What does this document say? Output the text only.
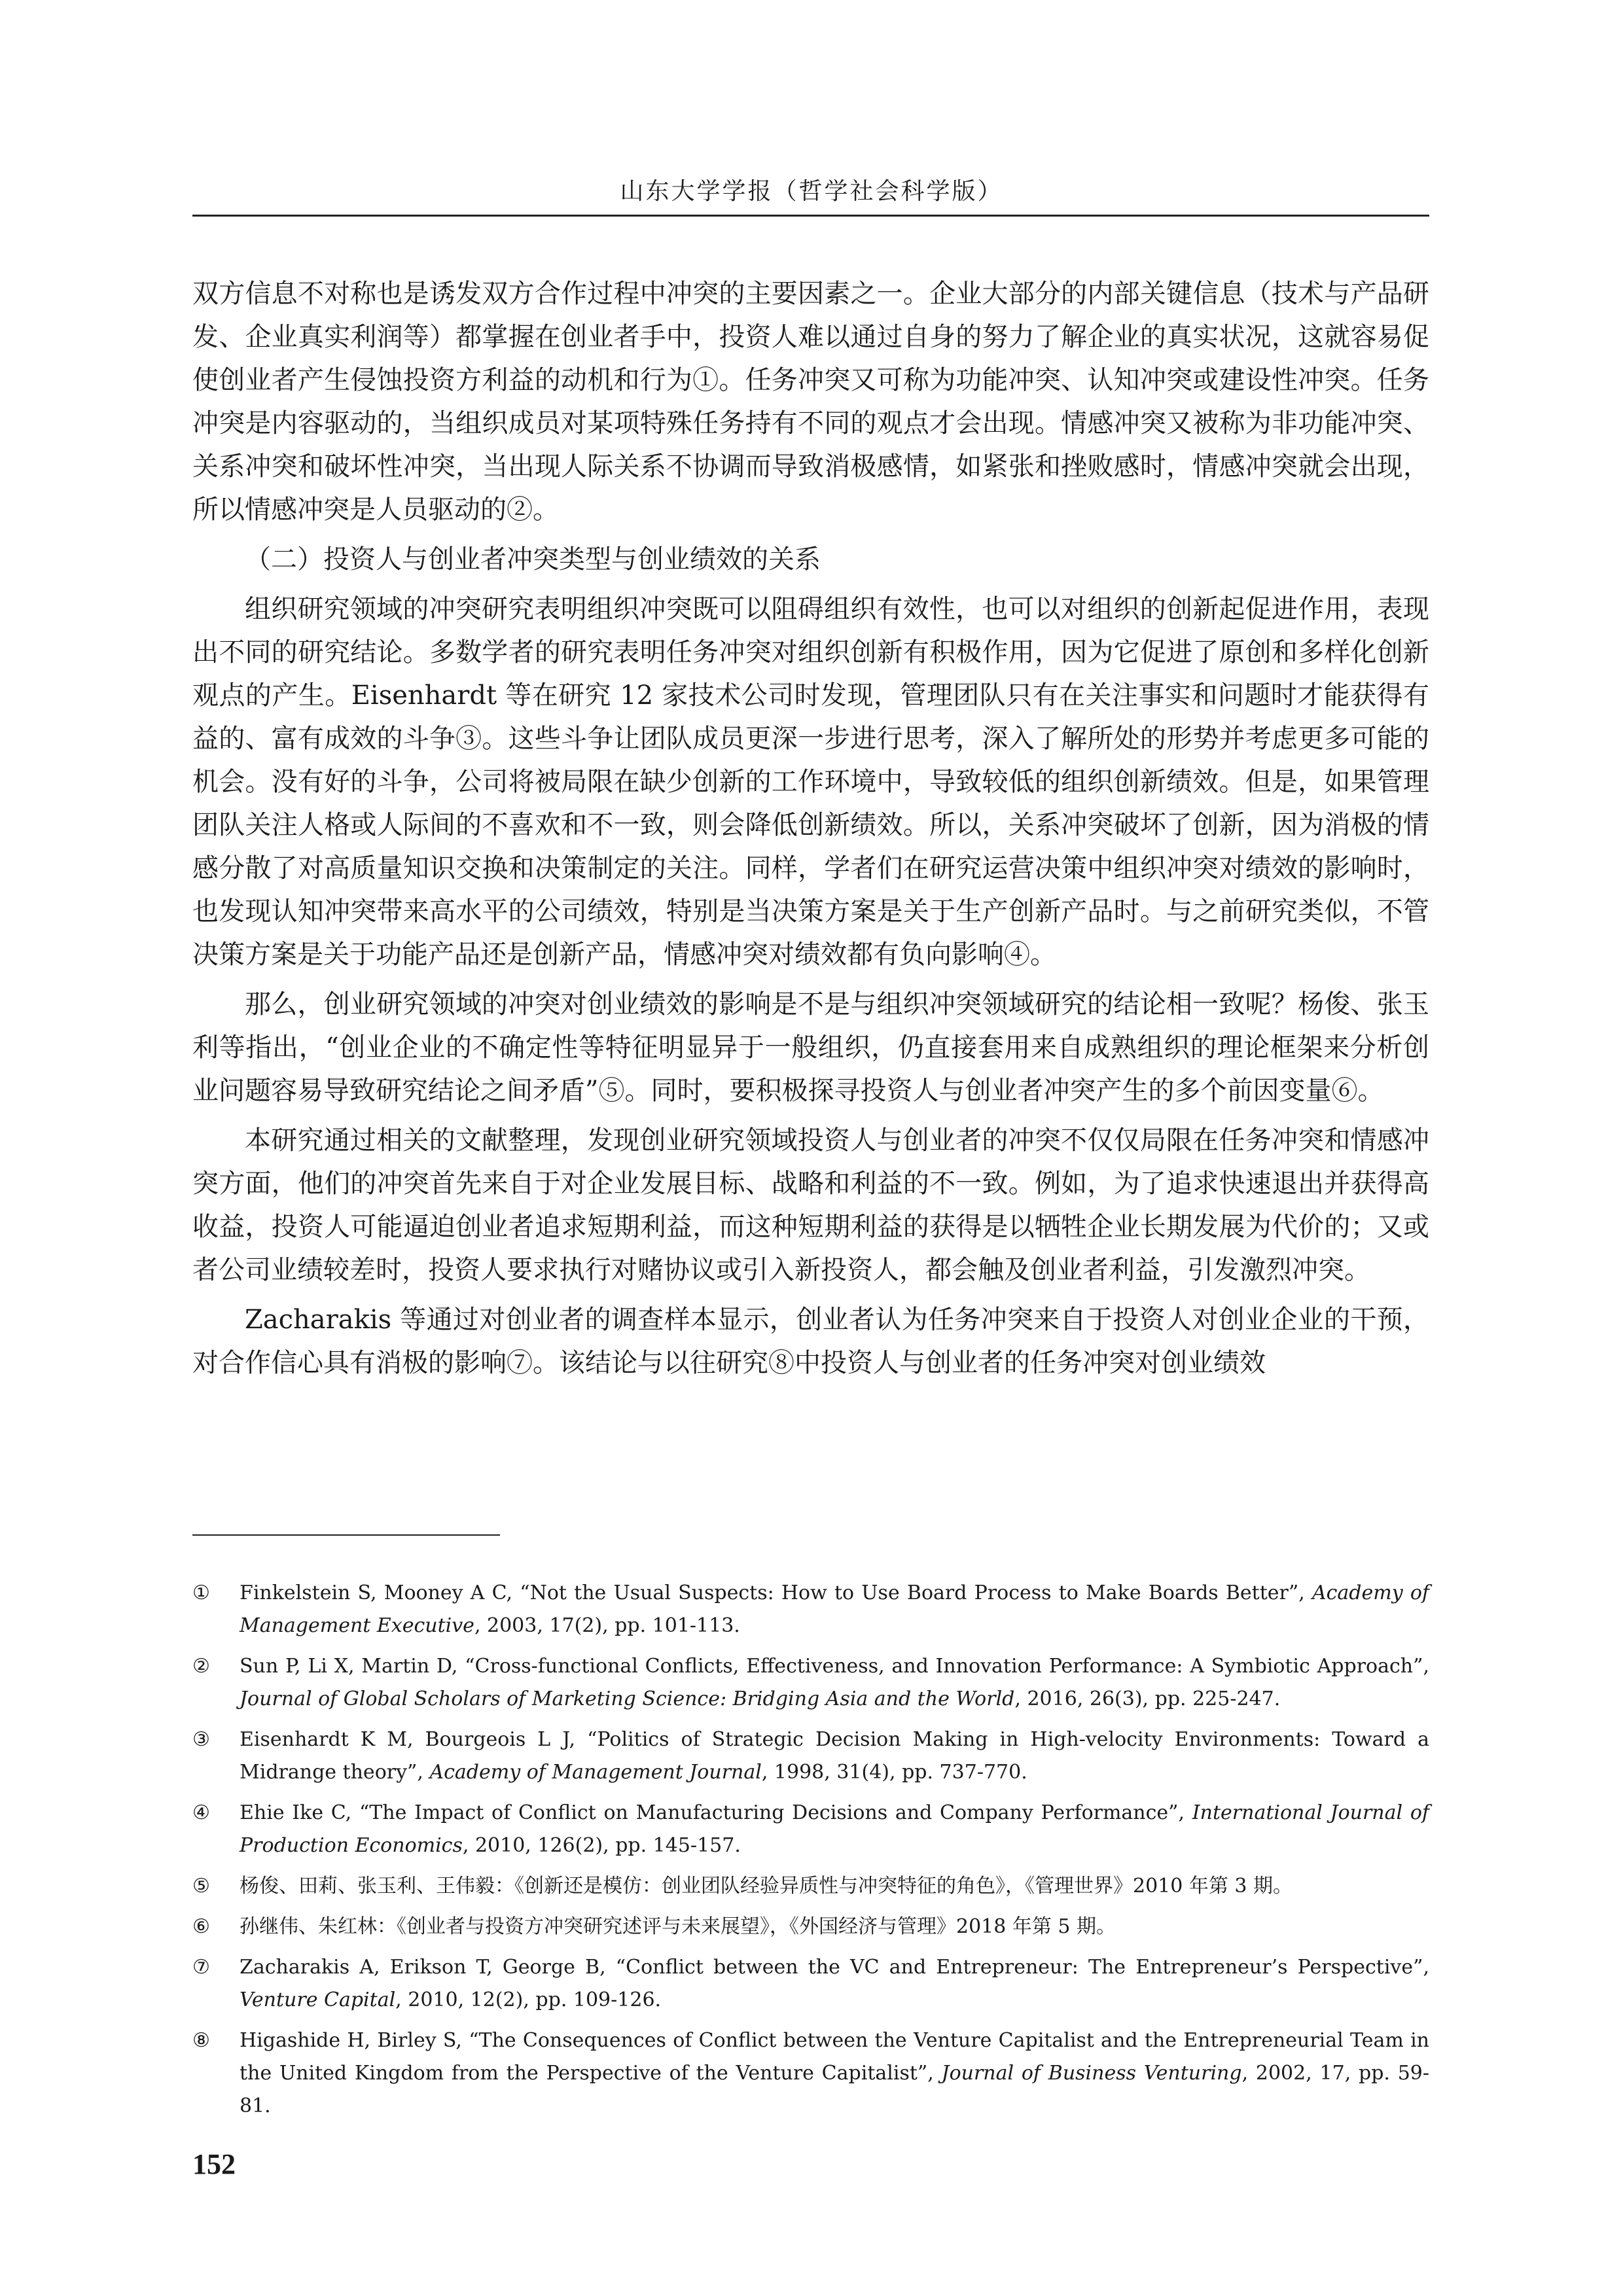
山东大学学报（哲学社会科学版）

双方信息不对称也是诱发双方合作过程中冲突的主要因素之一。企业大部分的内部关键信息（技术与产品研发、企业真实利润等）都掌握在创业者手中，投资人难以通过自身的努力了解企业的真实状况，这就容易促使创业者产生侵蚀投资方利益的动机和行为①。任务冲突又可称为功能冲突、认知冲突或建设性冲突。任务冲突是内容驱动的，当组织成员对某项特殊任务持有不同的观点才会出现。情感冲突又被称为非功能冲突、关系冲突和破坏性冲突，当出现人际关系不协调而导致消极感情，如紧张和挫败感时，情感冲突就会出现，所以情感冲突是人员驱动的②。

（二）投资人与创业者冲突类型与创业绩效的关系

组织研究领域的冲突研究表明组织冲突既可以阻碍组织有效性，也可以对组织的创新起促进作用，表现出不同的研究结论。多数学者的研究表明任务冲突对组织创新有积极作用，因为它促进了原创和多样化创新观点的产生。Eisenhardt 等在研究 12 家技术公司时发现，管理团队只有在关注事实和问题时才能获得有益的、富有成效的斗争③。这些斗争让团队成员更深一步进行思考，深入了解所处的形势并考虑更多可能的机会。没有好的斗争，公司将被局限在缺少创新的工作环境中，导致较低的组织创新绩效。但是，如果管理团队关注人格或人际间的不喜欢和不一致，则会降低创新绩效。所以，关系冲突破坏了创新，因为消极的情感分散了对高质量知识交换和决策制定的关注。同样，学者们在研究运营决策中组织冲突对绩效的影响时，也发现认知冲突带来高水平的公司绩效，特别是当决策方案是关于生产创新产品时。与之前研究类似，不管决策方案是关于功能产品还是创新产品，情感冲突对绩效都有负向影响④。

那么，创业研究领域的冲突对创业绩效的影响是不是与组织冲突领域研究的结论相一致呢？杨俊、张玉利等指出，“创业企业的不确定性等特征明显异于一般组织，仍直接套用来自成熟组织的理论框架来分析创业问题容易导致研究结论之间矛盾”⑤。同时，要积极探寻投资人与创业者冲突产生的多个前因变量⑥。

本研究通过相关的文献整理，发现创业研究领域投资人与创业者的冲突不仅仅局限在任务冲突和情感冲突方面，他们的冲突首先来自于对企业发展目标、战略和利益的不一致。例如，为了追求快速退出并获得高收益，投资人可能逼迫创业者追求短期利益，而这种短期利益的获得是以牺牲企业长期发展为代价的；又或者公司业绩较差时，投资人要求执行对赌协议或引入新投资人，都会触及创业者利益，引发激烈冲突。

Zacharakis 等通过对创业者的调查样本显示，创业者认为任务冲突来自于投资人对创业企业的干预，对合作信心具有消极的影响⑦。该结论与以往研究⑧中投资人与创业者的任务冲突对创业绩效

① Finkelstein S, Mooney A C, “Not the Usual Suspects: How to Use Board Process to Make Boards Better”, Academy of Management Executive, 2003, 17(2), pp. 101-113.
② Sun P, Li X, Martin D, “Cross-functional Conflicts, Effectiveness, and Innovation Performance: A Symbiotic Approach”, Journal of Global Scholars of Marketing Science: Bridging Asia and the World, 2016, 26(3), pp. 225-247.
③ Eisenhardt K M, Bourgeois L J, “Politics of Strategic Decision Making in High-velocity Environments: Toward a Midrange theory”, Academy of Management Journal, 1998, 31(4), pp. 737-770.
④ Ehie Ike C, “The Impact of Conflict on Manufacturing Decisions and Company Performance”, International Journal of Production Economics, 2010, 126(2), pp. 145-157.
⑤ 杨俊、田莉、张玉利、王伟毅：《创新还是模仿：创业团队经验异质性与冲突特征的角色》，《管理世界》2010 年第 3 期。
⑥ 孙继伟、朱红林：《创业者与投资方冲突研究述评与未来展望》，《外国经济与管理》2018 年第 5 期。
⑦ Zacharakis A, Erikson T, George B, “Conflict between the VC and Entrepreneur: The Entrepreneur’s Perspective”, Venture Capital, 2010, 12(2), pp. 109-126.
⑧ Higashide H, Birley S, “The Consequences of Conflict between the Venture Capitalist and the Entrepreneurial Team in the United Kingdom from the Perspective of the Venture Capitalist”, Journal of Business Venturing, 2002, 17, pp. 59-81.
152
